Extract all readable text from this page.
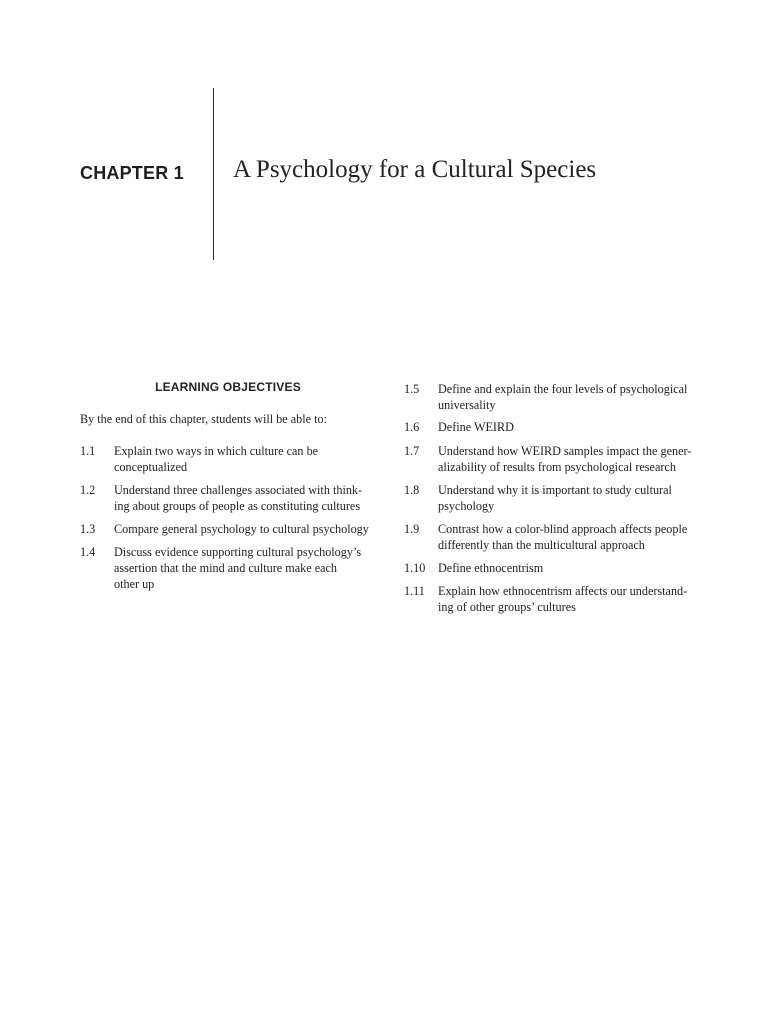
CHAPTER 1 A Psychology for a Cultural Species
LEARNING OBJECTIVES
By the end of this chapter, students will be able to:
1.1 Explain two ways in which culture can be
conceptualized
1.2 Understand three challenges associated with think-
ing about groups of people as constituting cultures
1.3 Compare general psychology to cultural psychology
1.4 Discuss evidence supporting cultural psychology’s
assertion that the mind and culture make each
other up
1.5 Define and explain the four levels of psychological
universality
1.6 Define WEIRD
1.7 Understand how WEIRD samples impact the gener-
alizability of results from psychological research
1.8 Understand why it is important to study cultural
psychology
1.9 Contrast how a color-blind approach affects people
differently than the multicultural approach
1.10 Define ethnocentrism
1.11 Explain how ethnocentrism affects our understand-
ing of other groups’ cultures
